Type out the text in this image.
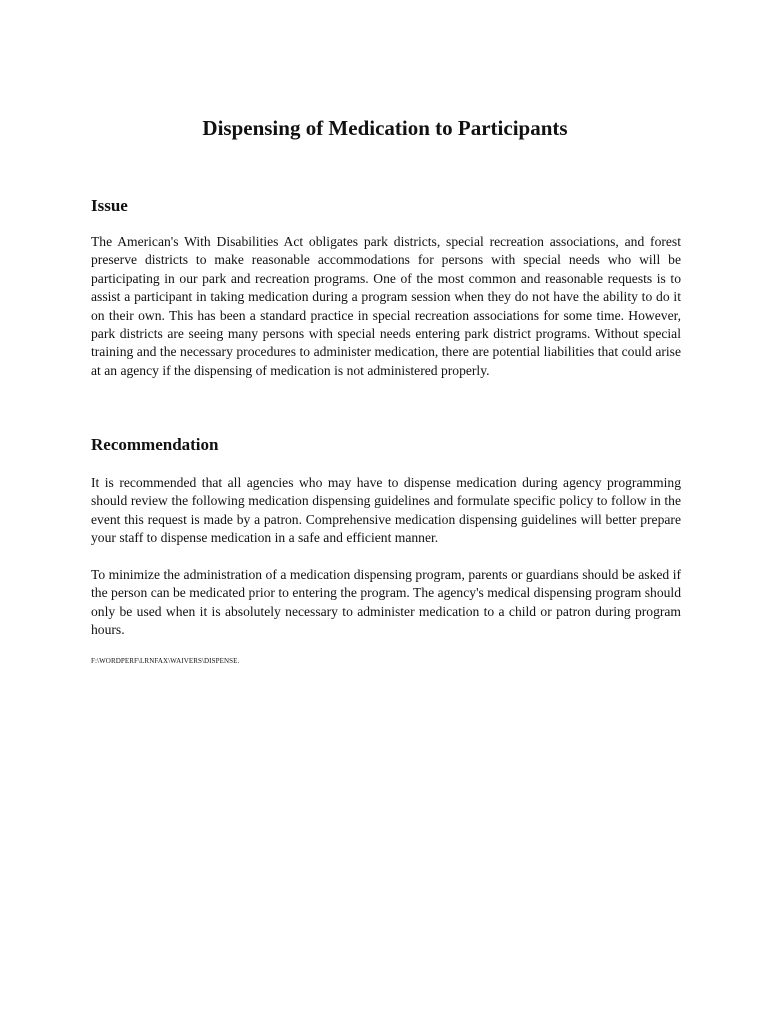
Dispensing of Medication to Participants
Issue

The American's With Disabilities Act obligates park districts, special recreation associations, and forest preserve districts to make reasonable accommodations for persons with special needs who will be participating in our park and recreation programs. One of the most common and reasonable requests is to assist a participant in taking medication during a program session when they do not have the ability to do it on their own. This has been a standard practice in special recreation associations for some time. However, park districts are seeing many persons with special needs entering park district programs. Without special training and the necessary procedures to administer medication, there are potential liabilities that could arise at an agency if the dispensing of medication is not administered properly.

Recommendation

It is recommended that all agencies who may have to dispense medication during agency programming should review the following medication dispensing guidelines and formulate specific policy to follow in the event this request is made by a patron. Comprehensive medication dispensing guidelines will better prepare your staff to dispense medication in a safe and efficient manner.

To minimize the administration of a medication dispensing program, parents or guardians should be asked if the person can be medicated prior to entering the program. The agency's medical dispensing program should only be used when it is absolutely necessary to administer medication to a child or patron during program hours.

F:\WORDPERF\LRNFAX\WAIVERS\DISPENSE.
